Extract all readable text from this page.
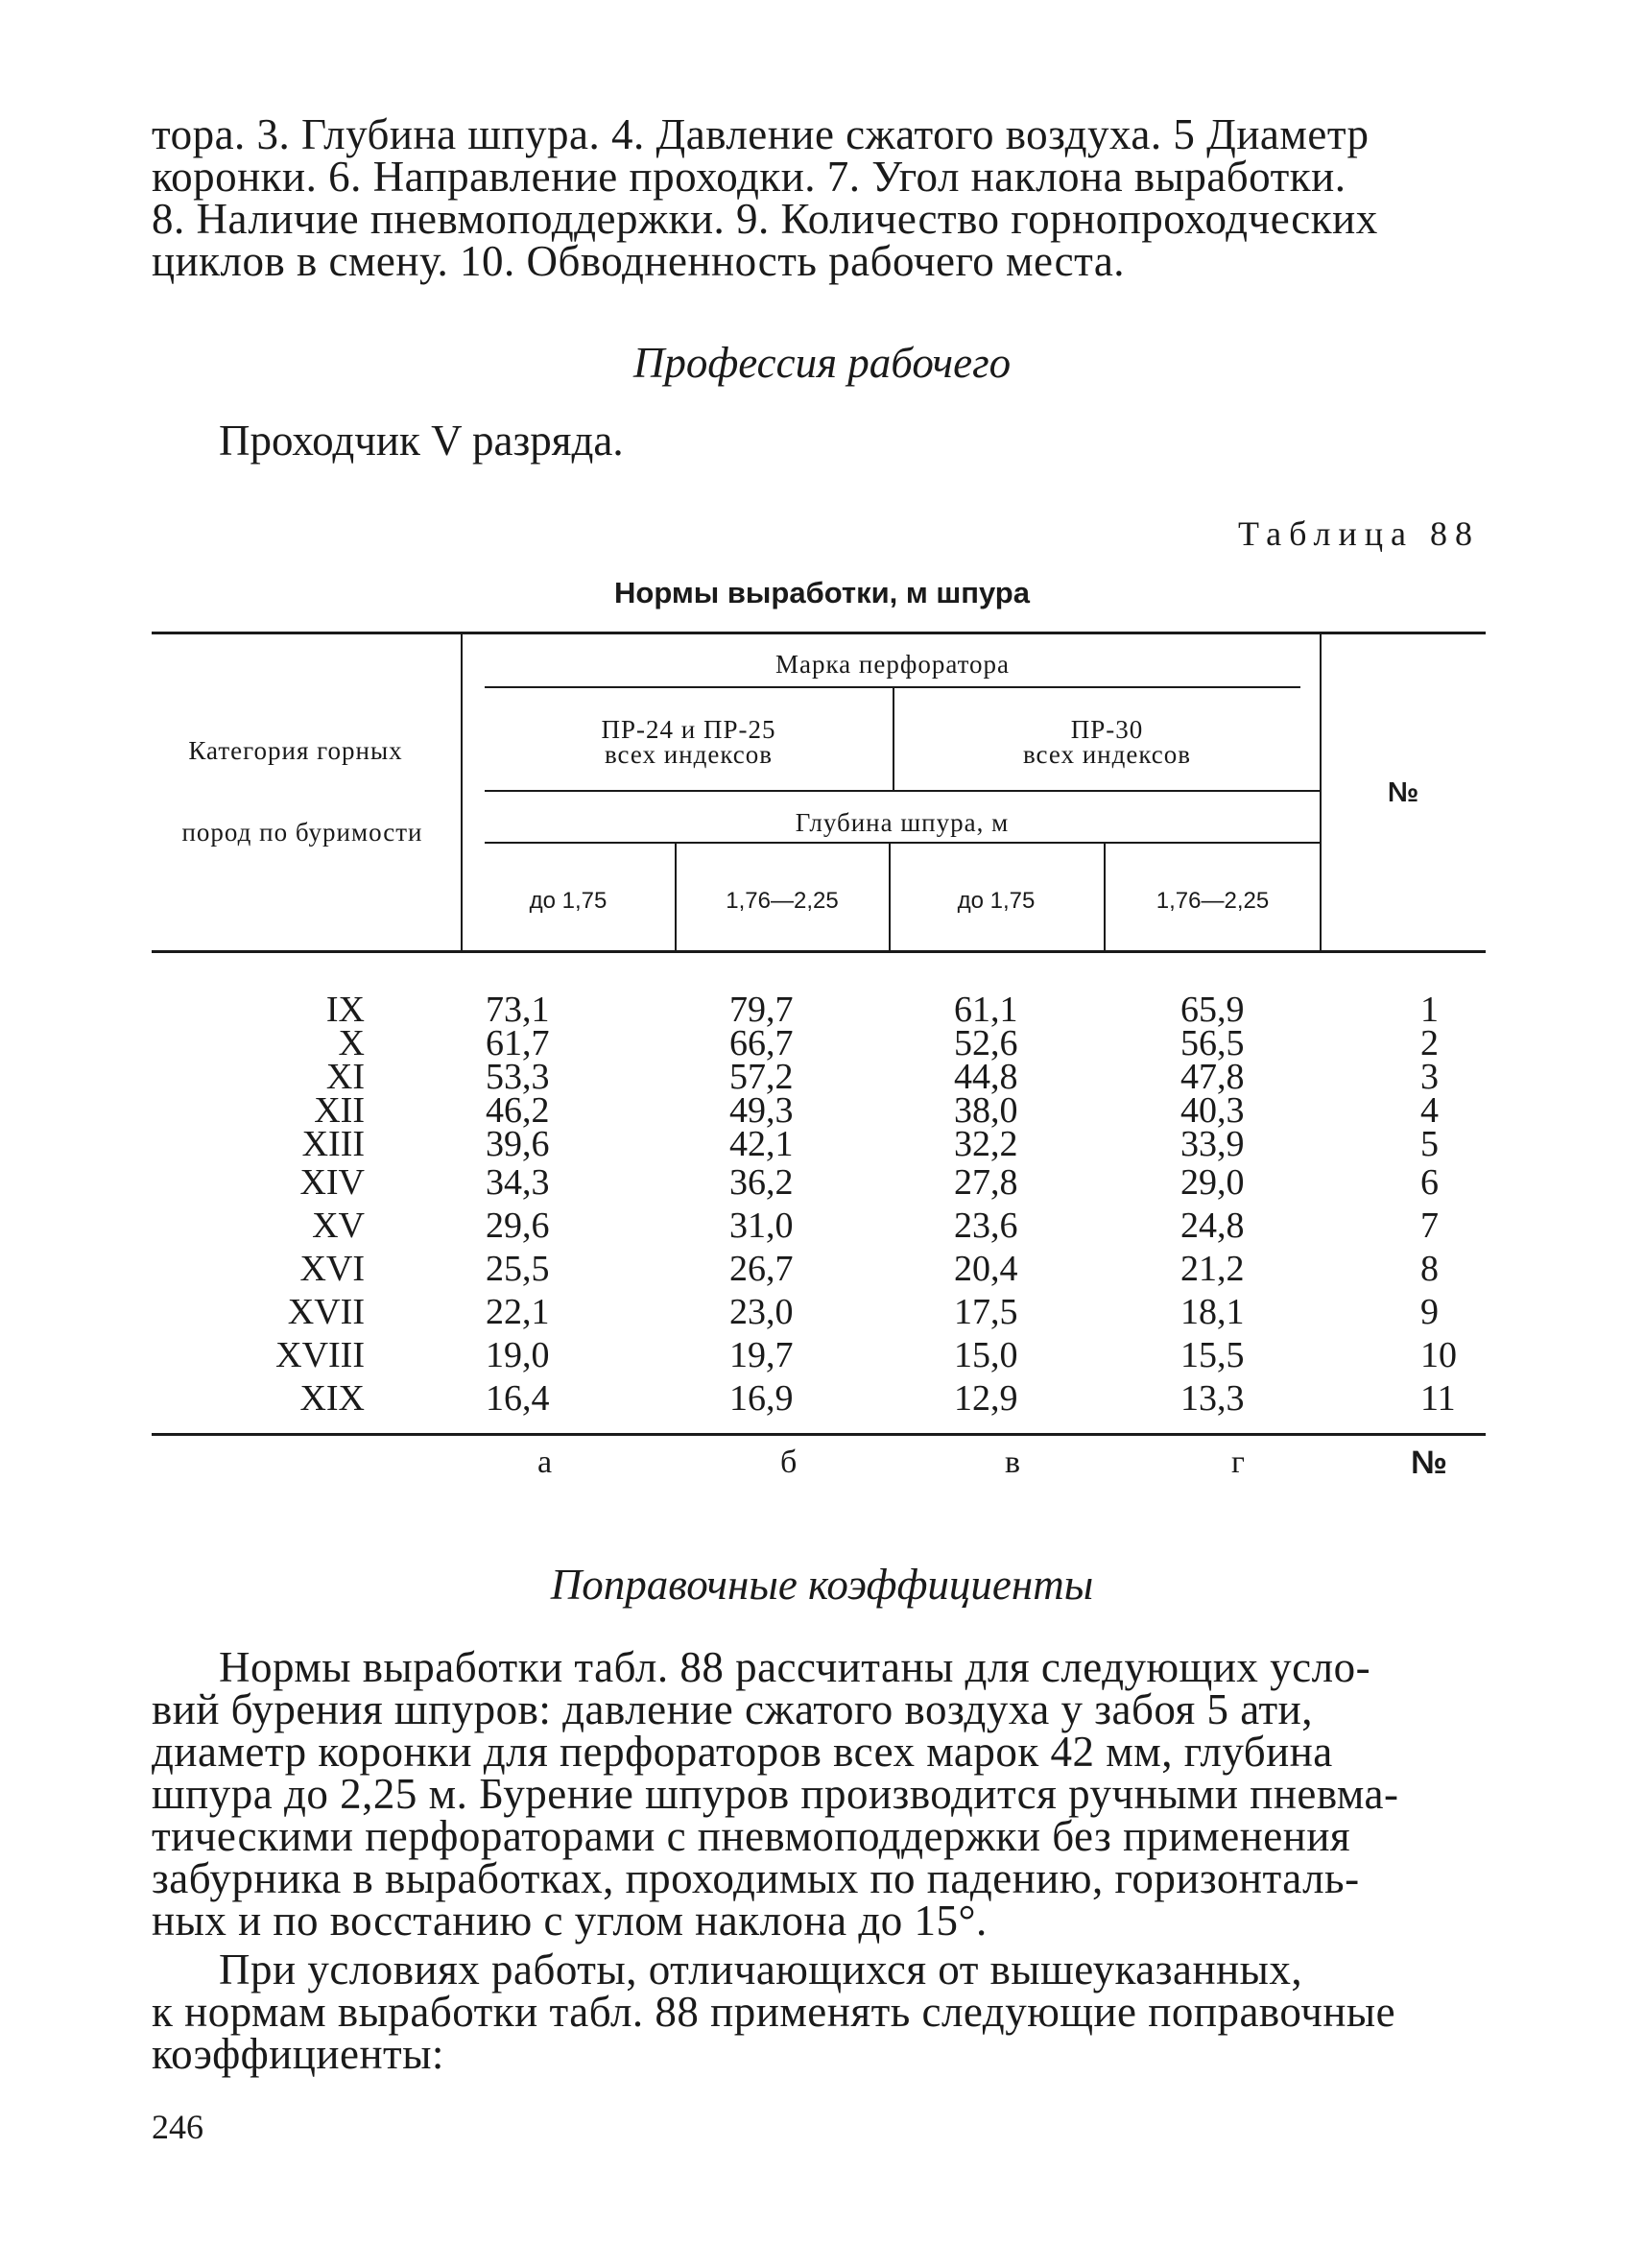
тора. 3. Глубина шпура. 4. Давление сжатого воздуха. 5 Диаметр

коронки. 6. Направление проходки. 7. Угол наклона выработки.

8. Наличие пневмоподдержки. 9. Количество горнопроходческих

циклов в смену. 10. Обводненность рабочего места.

Профессия рабочего
Проходчик V разряда.
Таблица 88
Нормы выработки, м шпура
Категория горных
пород по буримости
Марка перфоратора
ПР-24 и ПР-25
всех индексов
ПР-30
всех индексов
Глубина шпура, м
до 1,75	1,76—2,25	до 1,75	1,76—2,25
№
IX	73,1	79,7	61,1	65,9	1
X	61,7	66,7	52,6	56,5	2
XI	53,3	57,2	44,8	47,8	3
XII	46,2	49,3	38,0	40,3	4
XIII	39,6	42,1	32,2	33,9	5
XIV	34,3	36,2	27,8	29,0	6
XV	29,6	31,0	23,6	24,8	7
XVI	25,5	26,7	20,4	21,2	8
XVII	22,1	23,0	17,5	18,1	9
XVIII	19,0	19,7	15,0	15,5	10
XIX	16,4	16,9	12,9	13,3	11
а	б	в	г	№
Поправочные коэффициенты

Нормы выработки табл. 88 рассчитаны для следующих усло-

вий бурения шпуров: давление сжатого воздуха у забоя 5 ати,

диаметр коронки для перфораторов всех марок 42 мм, глубина

шпура до 2,25 м. Бурение шпуров производится ручными пневма-

тическими перфораторами с пневмоподдержки без применения

забурника в выработках, проходимых по падению, горизонталь-

ных и по восстанию с углом наклона до 15°.

При условиях работы, отличающихся от вышеуказанных,

к нормам выработки табл. 88 применять следующие поправочные

коэффициенты:

246
